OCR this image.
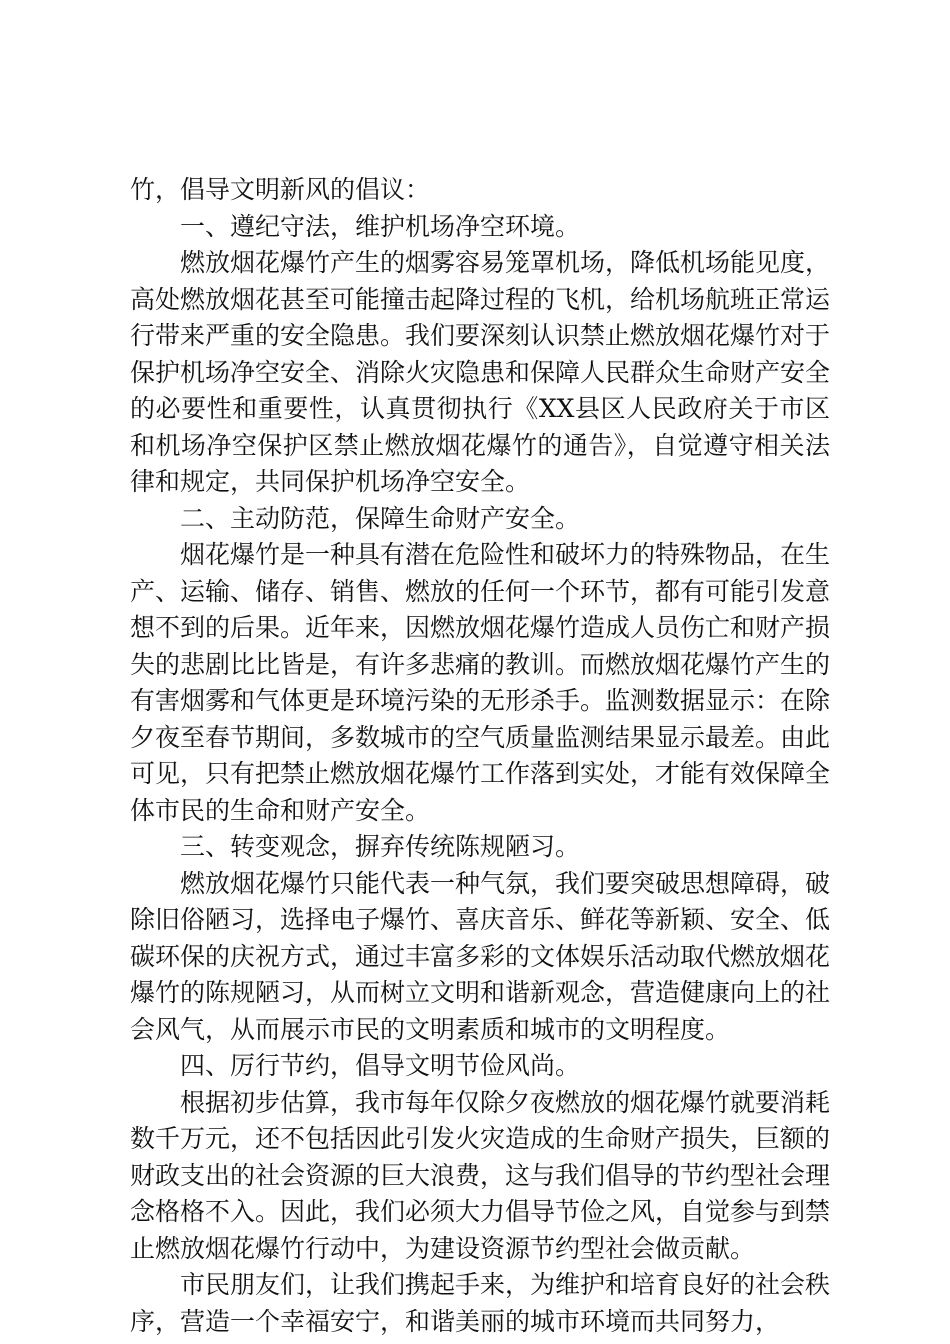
竹，倡导文明新风的倡议：

一、遵纪守法，维护机场净空环境。

燃放烟花爆竹产生的烟雾容易笼罩机场，降低机场能见度，高处燃放烟花甚至可能撞击起降过程的飞机，给机场航班正常运行带来严重的安全隐患。我们要深刻认识禁止燃放烟花爆竹对于保护机场净空安全、消除火灾隐患和保障人民群众生命财产安全的必要性和重要性，认真贯彻执行《XX县区人民政府关于市区和机场净空保护区禁止燃放烟花爆竹的通告》，自觉遵守相关法律和规定，共同保护机场净空安全。

二、主动防范，保障生命财产安全。

烟花爆竹是一种具有潜在危险性和破坏力的特殊物品，在生产、运输、储存、销售、燃放的任何一个环节，都有可能引发意想不到的后果。近年来，因燃放烟花爆竹造成人员伤亡和财产损失的悲剧比比皆是，有许多悲痛的教训。而燃放烟花爆竹产生的有害烟雾和气体更是环境污染的无形杀手。监测数据显示：在除夕夜至春节期间，多数城市的空气质量监测结果显示最差。由此可见，只有把禁止燃放烟花爆竹工作落到实处，才能有效保障全体市民的生命和财产安全。

三、转变观念，摒弃传统陈规陋习。

燃放烟花爆竹只能代表一种气氛，我们要突破思想障碍，破除旧俗陋习，选择电子爆竹、喜庆音乐、鲜花等新颖、安全、低碳环保的庆祝方式，通过丰富多彩的文体娱乐活动取代燃放烟花爆竹的陈规陋习，从而树立文明和谐新观念，营造健康向上的社会风气，从而展示市民的文明素质和城市的文明程度。

四、厉行节约，倡导文明节俭风尚。

根据初步估算，我市每年仅除夕夜燃放的烟花爆竹就要消耗数千万元，还不包括因此引发火灾造成的生命财产损失，巨额的财政支出的社会资源的巨大浪费，这与我们倡导的节约型社会理念格格不入。因此，我们必须大力倡导节俭之风，自觉参与到禁止燃放烟花爆竹行动中，为建设资源节约型社会做贡献。

市民朋友们，让我们携起手来，为维护和培育良好的社会秩序，营造一个幸福安宁，和谐美丽的城市环境而共同努力，
